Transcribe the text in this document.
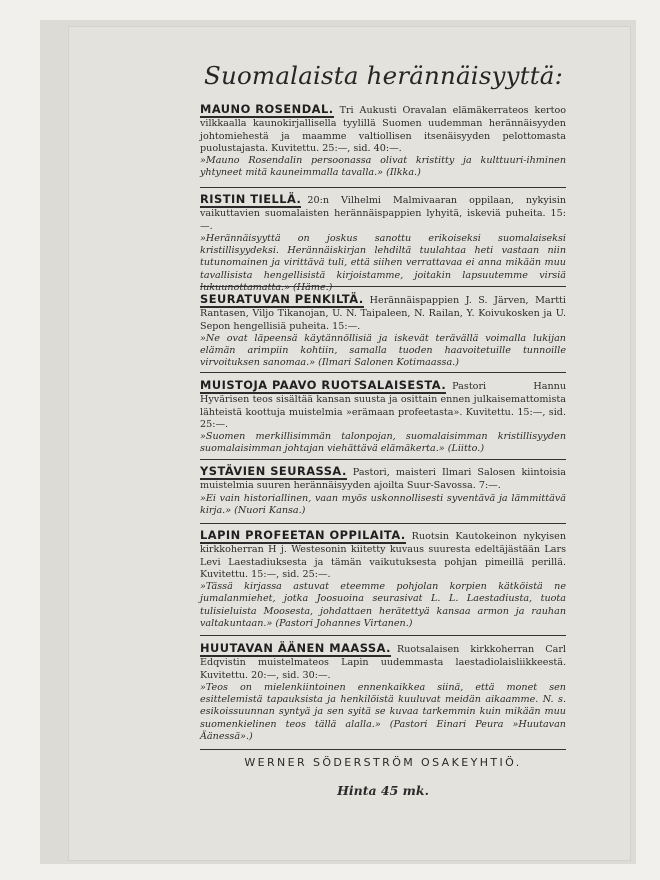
Suomalaista herännäisyyttä:

MAUNO ROSENDAL. Tri Aukusti Oravalan elämäkerrateos kertoo vilkkaalla kaunokirjallisella tyylillä Suomen uudemman herännäisyyden johtomiehestä ja maamme valtiollisen itsenäisyyden pelottomasta puolustajasta. Kuvitettu. 25:—, sid. 40:—.

»Mauno Rosendalin persoonassa olivat kristitty ja kulttuuri-ihminen yhtyneet mitä kauneimmalla tavalla.» (Ilkka.)

RISTIN TIELLÄ. 20:n Vilhelmi Malmivaaran oppilaan, nykyisin vaikuttavien suomalaisten herännäispappien lyhyitä, iskeviä puheita. 15:—.

»Herännäisyyttä on joskus sanottu erikoiseksi suomalaiseksi kristillisyydeksi. Herännäiskirjan lehdiltä tuulahtaa heti vastaan niin tutunomainen ja virittävä tuli, että siihen verrattavaa ei anna mikään muu tavallisista hengellisistä kirjoistamme, joitakin lapsuutemme virsiä lukuunottamatta.» (Häme.)

SEURATUVAN PENKILTÄ. Herännäispappien J. S. Järven, Martti Rantasen, Viljo Tikanojan, U. N. Taipaleen, N. Railan, Y. Koivukosken ja U. Sepon hengellisiä puheita. 15:—.

»Ne ovat läpeensä käytännöllisiä ja iskevät terävällä voimalla lukijan elämän arimpiin kohtiin, samalla tuoden haavoitetuille tunnoille virvoituksen sanomaa.» (Ilmari Salonen Kotimaassa.)

MUISTOJA PAAVO RUOTSALAISESTA. Pastori Hannu Hyvärisen teos sisältää kansan suusta ja osittain ennen julkaisemattomista lähteistä koottuja muistelmia »erämaan profeetasta». Kuvitettu. 15:—, sid. 25:—.

»Suomen merkillisimmän talonpojan, suomalaisimman kristillisyyden suomalaisimman johtajan viehättävä elämäkerta.» (Liitto.)

YSTÄVIEN SEURASSA. Pastori, maisteri Ilmari Salosen kiintoisia muistelmia suuren herännäisyyden ajoilta Suur-Savossa. 7:—.

»Ei vain historiallinen, vaan myös uskonnollisesti syventävä ja lämmittävä kirja.» (Nuori Kansa.)

LAPIN PROFEETAN OPPILAITA. Ruotsin Kautokeinon nykyisen kirkkoherran H j. Westesonin kiitetty kuvaus suuresta edeltäjästään Lars Levi Laestadiuksesta ja tämän vaikutuksesta pohjan pimeillä perillä. Kuvitettu. 15:—, sid. 25:—.

»Tässä kirjassa astuvat eteemme pohjolan korpien kätköistä ne jumalanmiehet, jotka Joosuoina seurasivat L. L. Laestadiusta, tuota tulisieluista Moosesta, johdattaen herätettyä kansaa armon ja rauhan valtakuntaan.» (Pastori Johannes Virtanen.)

HUUTAVAN ÄÄNEN MAASSA. Ruotsalaisen kirkkoherran Carl Edqvistin muistelmateos Lapin uudemmasta laestadiolaisliikkeestä. Kuvitettu. 20:—, sid. 30:—.

»Teos on mielenkiintoinen ennenkaikkea siinä, että monet sen esittelemistä tapauksista ja henkilöistä kuuluvat meidän aikaamme. N. s. esikoissuunnan syntyä ja sen syitä se kuvaa tarkemmin kuin mikään muu suomenkielinen teos tällä alalla.» (Pastori Einari Peura »Huutavan Äänessä».)

WERNER SÖDERSTRÖM OSAKEYHTIÖ.
Hinta 45 mk.
